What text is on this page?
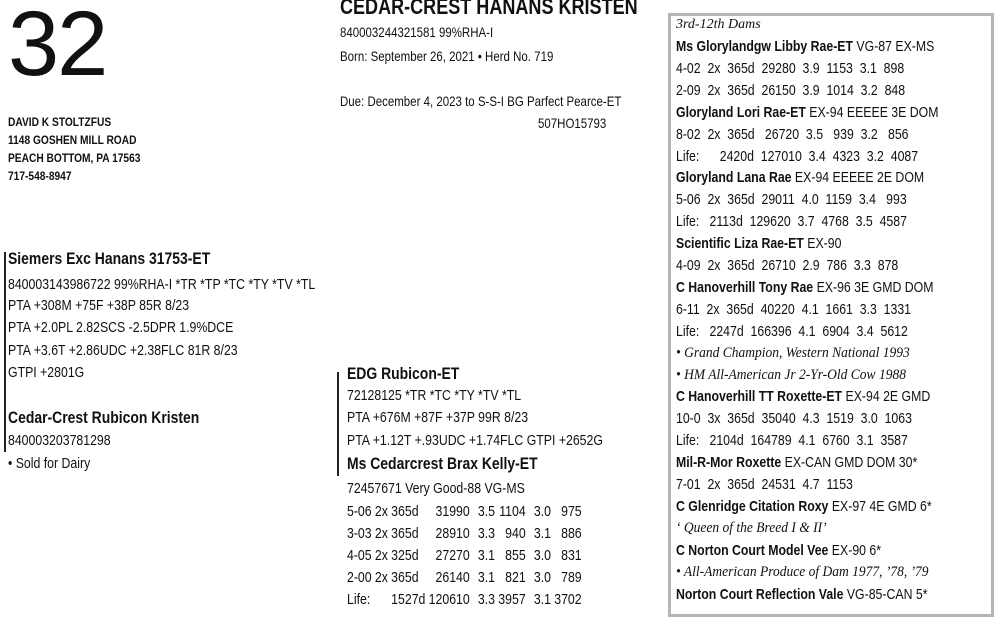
32	CEDAR-CREST HANANS KRISTEN
840003244321581 99%RHA-I
Born: September 26, 2021 • Herd No. 719
Due: December 4, 2023 to S-S-I BG Parfect Pearce-ET
507HO15793
DAVID K STOLTZFUS
1148 GOSHEN MILL ROAD
PEACH BOTTOM, PA 17563
717-548-8947
Siemers Exc Hanans 31753-ET
840003143986722 99%RHA-I *TR *TP *TC *TY *TV *TL
PTA +308M +75F +38P 85R 8/23
PTA +2.0PL 2.82SCS -2.5DPR 1.9%DCE
PTA +3.6T +2.86UDC +2.38FLC 81R 8/23
GTPI +2801G
Cedar-Crest Rubicon Kristen
840003203781298
• Sold for Dairy
EDG Rubicon-ET
72128125 *TR *TC *TY *TV *TL
PTA +676M +87F +37P 99R 8/23
PTA +1.12T +.93UDC +1.74FLC GTPI +2652G
Ms Cedarcrest Brax Kelly-ET
72457671 Very Good-88 VG-MS
5-06	2x	365d	31990	3.5	1104	3.0	975
3-03	2x	365d	28910	3.3	940	3.1	886
4-05	2x	325d	27270	3.1	855	3.0	831
2-00	2x	365d	26140	3.1	821	3.0	789
Life:		1527d	120610	3.3	3957	3.1	3702
3rd-12th Dams
Ms Glorylandgw Libby Rae-ET VG-87 EX-MS
4-02  2x  365d  29280  3.9  1153  3.1  898
2-09  2x  365d  26150  3.9  1014  3.2  848
Gloryland Lori Rae-ET EX-94 EEEEE 3E DOM
8-02  2x  365d   26720  3.5   939  3.2   856
Life:      2420d  127010  3.4  4323  3.2  4087
Gloryland Lana Rae EX-94 EEEEE 2E DOM
5-06  2x  365d  29011  4.0  1159  3.4   993
Life:   2113d  129620  3.7  4768  3.5  4587
Scientific Liza Rae-ET EX-90
4-09  2x  365d  26710  2.9  786  3.3  878
C Hanoverhill Tony Rae EX-96 3E GMD DOM
6-11  2x  365d  40220  4.1  1661  3.3  1331
Life:   2247d  166396  4.1  6904  3.4  5612
• Grand Champion, Western National 1993
• HM All-American Jr 2-Yr-Old Cow 1988
C Hanoverhill TT Roxette-ET EX-94 2E GMD
10-0  3x  365d  35040  4.3  1519  3.0  1063
Life:   2104d  164789  4.1  6760  3.1  3587
Mil-R-Mor Roxette EX-CAN GMD DOM 30*
7-01  2x  365d  24531  4.7  1153
C Glenridge Citation Roxy EX-97 4E GMD 6*
‘ Queen of the Breed I & II’
C Norton Court Model Vee EX-90 6*
• All-American Produce of Dam 1977, ’78, ’79
Norton Court Reflection Vale VG-85-CAN 5*
